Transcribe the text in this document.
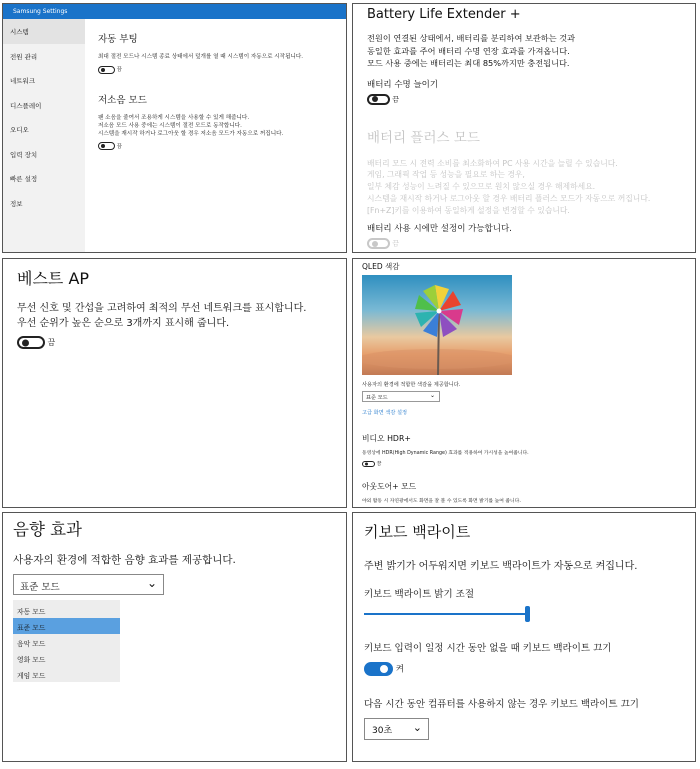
Samsung Settings
시스템
전원 관리
네트워크
디스플레이
오디오
입력 장치
빠른 설정
정보
자동 부팅
최대 절전 모드나 시스템 종료 상태에서 덮개를 열 때 시스템이 자동으로 시작됩니다.
끔
저소음 모드
팬 소음을 줄여서 조용하게 시스템을 사용할 수 있게 해줍니다.
저소음 모드 사용 중에는 시스템이 절전 모드로 동작합니다.
시스템을 재시작 하거나 로그아웃 할 경우 저소음 모드가 자동으로 꺼집니다.
끔
Battery Life Extender +
전원이 연결된 상태에서, 배터리를 분리하여 보관하는 것과
동일한 효과를 주어 배터리 수명 연장 효과를 가져옵니다.
모드 사용 중에는 배터리는 최대 85%까지만 충전됩니다.
배터리 수명 늘이기
끔
배터리 플러스 모드
배터리 모드 시 전력 소비를 최소화하여 PC 사용 시간을 늘릴 수 있습니다.
게임, 그래픽 작업 등 성능을 필요로 하는 경우,
일부 체감 성능이 느려질 수 있으므로 원치 않으실 경우 해제하세요.
시스템을 재시작 하거나 로그아웃 할 경우 배터리 플러스 모드가 자동으로 꺼집니다.
[Fn+Z]키를 이용하여 동일하게 설정을 변경할 수 있습니다.
배터리 사용 시에만 설정이 가능합니다.
끔
베스트 AP
무선 신호 및 간섭을 고려하여 최적의 무선 네트워크를 표시합니다.
우선 순위가 높은 순으로 3개까지 표시해 줍니다.
끔
QLED 색감
사용자의 환경에 적합한 색감을 제공합니다.
표준 모드	⌄
고급 화면 색감 설정
비디오 HDR+
동영상에 HDR(High Dynamic Range) 효과를 적용하여 가시성을 높여줍니다.
끔
아웃도어+ 모드
야외 활동 시 자연광에서도 화면을 잘 볼 수 있도록 화면 밝기를 높여 줍니다.
음향 효과
사용자의 환경에 적합한 음향 효과를 제공합니다.
표준 모드	⌄
자동 모드
표준 모드
음악 모드
영화 모드
게임 모드
키보드 백라이트
주변 밝기가 어두워지면 키보드 백라이트가 자동으로 켜집니다.
키보드 백라이트 밝기 조절
키보드 입력이 일정 시간 동안 없을 때 키보드 백라이트 끄기
켜
다음 시간 동안 컴퓨터를 사용하지 않는 경우 키보드 백라이트 끄기
30초 ⌄
